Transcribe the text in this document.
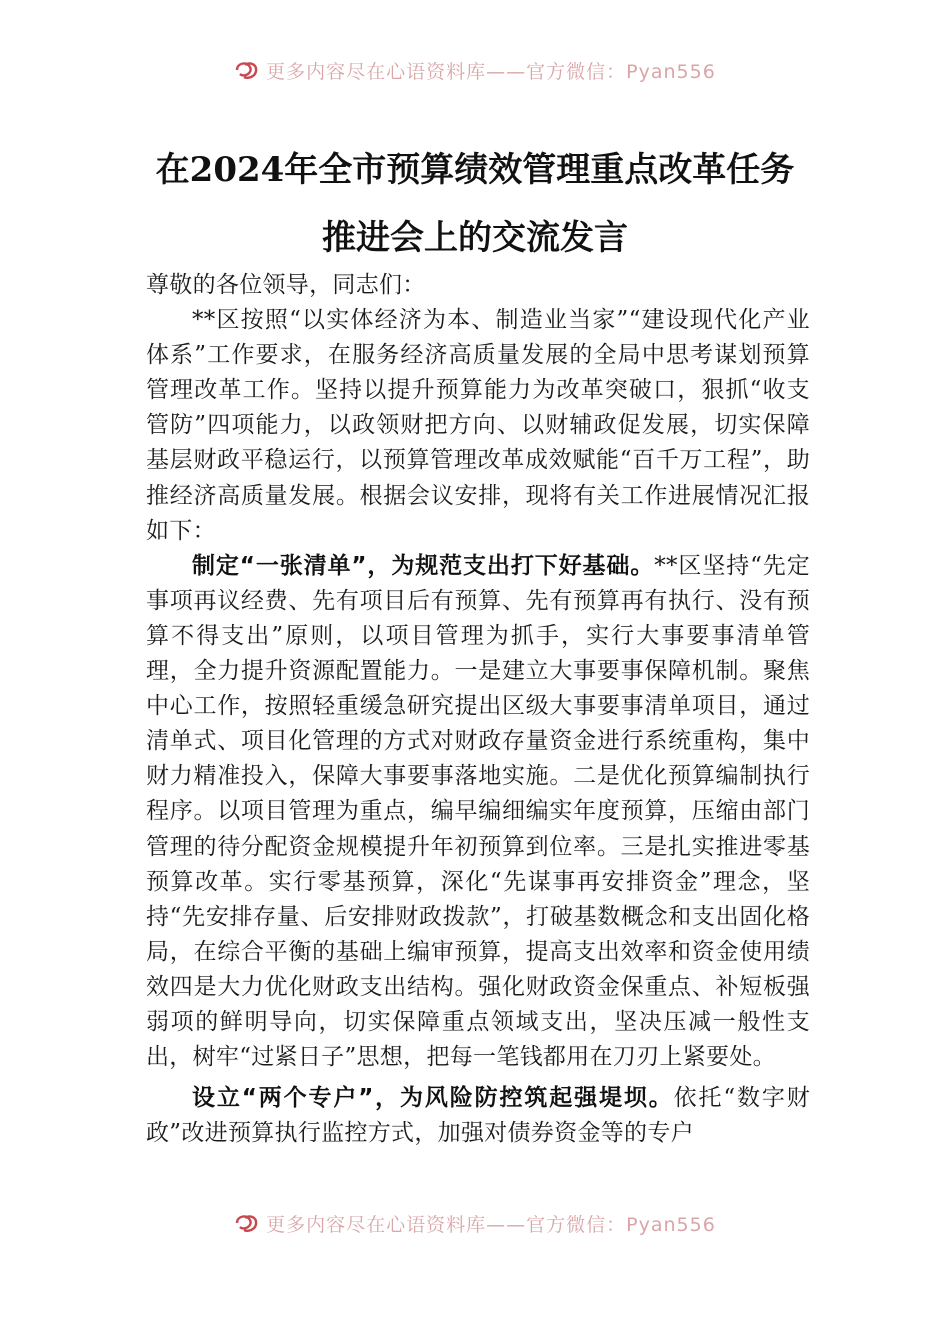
更多内容尽在心语资料库——官方微信：Pyan556
在2024年全市预算绩效管理重点改革任务
推进会上的交流发言

尊敬的各位领导，同志们：

**区按照“以实体经济为本、制造业当家”“建设现代化产业体系”工作要求，在服务经济高质量发展的全局中思考谋划预算管理改革工作。坚持以提升预算能力为改革突破口，狠抓“收支管防”四项能力，以政领财把方向、以财辅政促发展，切实保障基层财政平稳运行，以预算管理改革成效赋能“百千万工程”，助推经济高质量发展。根据会议安排，现将有关工作进展情况汇报如下：

制定“一张清单”，为规范支出打下好基础。**区坚持“先定事项再议经费、先有项目后有预算、先有预算再有执行、没有预算不得支出”原则，以项目管理为抓手，实行大事要事清单管理，全力提升资源配置能力。一是建立大事要事保障机制。聚焦中心工作，按照轻重缓急研究提出区级大事要事清单项目，通过清单式、项目化管理的方式对财政存量资金进行系统重构，集中财力精准投入，保障大事要事落地实施。二是优化预算编制执行程序。以项目管理为重点，编早编细编实年度预算，压缩由部门管理的待分配资金规模提升年初预算到位率。三是扎实推进零基预算改革。实行零基预算，深化“先谋事再安排资金”理念，坚持“先安排存量、后安排财政拨款”，打破基数概念和支出固化格局，在综合平衡的基础上编审预算，提高支出效率和资金使用绩效四是大力优化财政支出结构。强化财政资金保重点、补短板强弱项的鲜明导向，切实保障重点领域支出，坚决压减一般性支出，树牢“过紧日子”思想，把每一笔钱都用在刀刃上紧要处。

设立“两个专户”，为风险防控筑起强堤坝。依托“数字财政”改进预算执行监控方式，加强对债券资金等的专户

更多内容尽在心语资料库——官方微信：Pyan556
